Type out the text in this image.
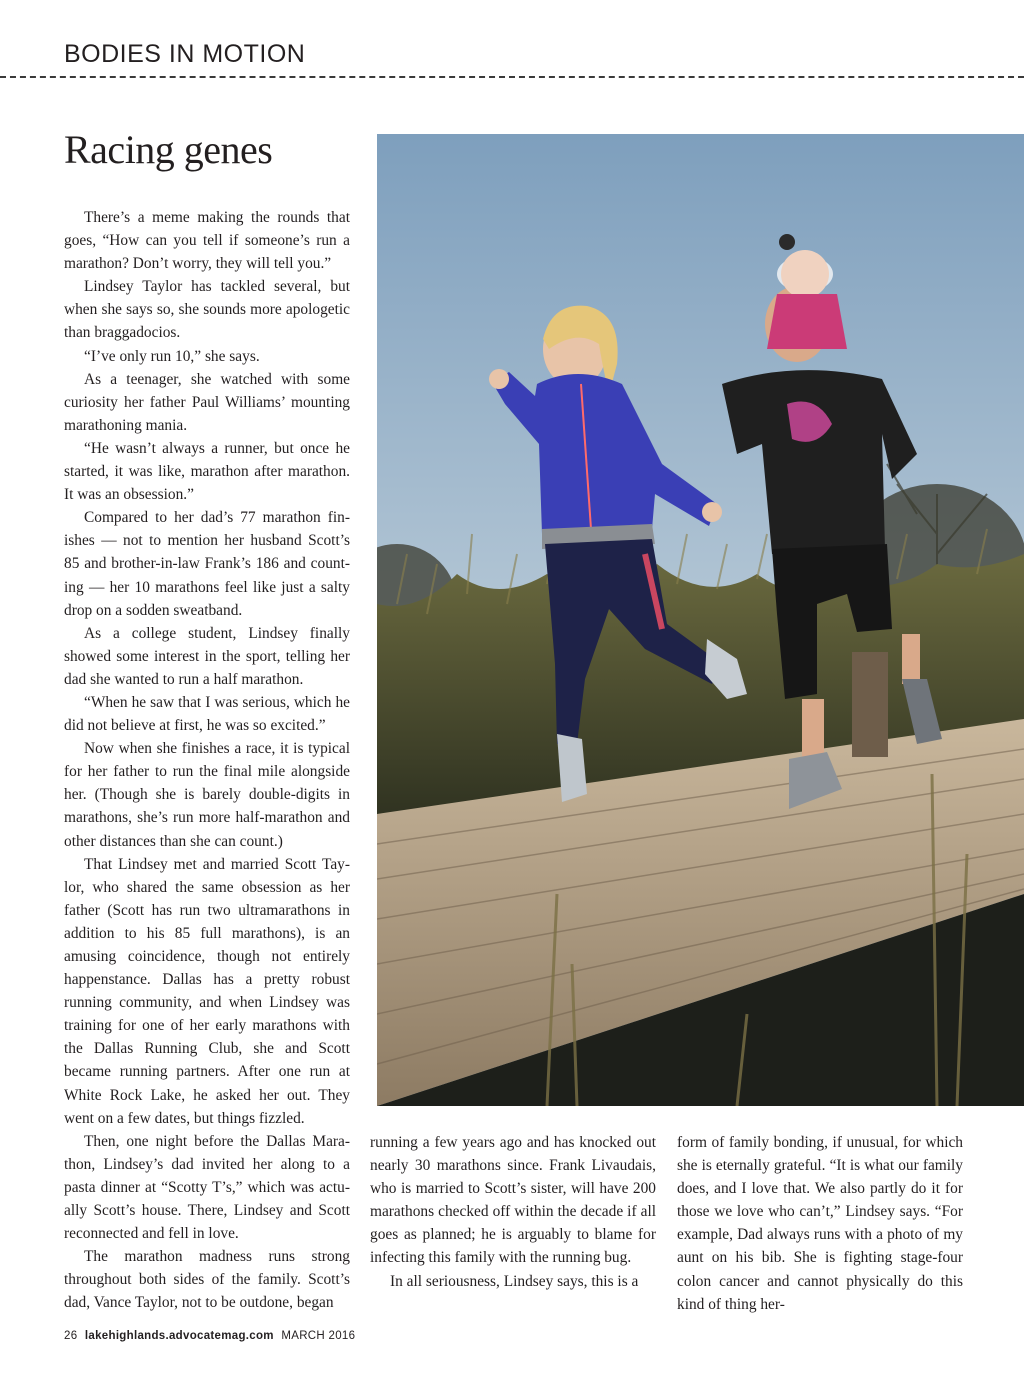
BODIES IN MOTION
Racing genes

There’s a meme making the rounds that goes, “How can you tell if someone’s run a marathon? Don’t worry, they will tell you.”

Lindsey Taylor has tackled several, but when she says so, she sounds more apologetic than braggadocios.

“I’ve only run 10,” she says.

As a teenager, she watched with some curiosity her father Paul Williams’ mounting marathoning mania.

“He wasn’t always a runner, but once he started, it was like, marathon after marathon. It was an obsession.”

Compared to her dad’s 77 marathon finishes — not to mention her husband Scott’s 85 and brother-in-law Frank’s 186 and counting — her 10 marathons feel like just a salty drop on a sodden sweatband.

As a college student, Lindsey finally showed some interest in the sport, telling her dad she wanted to run a half marathon.

“When he saw that I was serious, which he did not believe at first, he was so excited.”

Now when she finishes a race, it is typical for her father to run the final mile alongside her. (Though she is barely double-digits in marathons, she’s run more half-marathon and other distances than she can count.)

That Lindsey met and married Scott Taylor, who shared the same obsession as her father (Scott has run two ultramarathons in addition to his 85 full marathons), is an amusing coincidence, though not entirely happenstance. Dallas has a pretty robust running community, and when Lindsey was training for one of her early marathons with the Dallas Running Club, she and Scott became running partners. After one run at White Rock Lake, he asked her out. They went on a few dates, but things fizzled.

Then, one night before the Dallas Marathon, Lindsey’s dad invited her along to a pasta dinner at “Scotty T’s,” which was actually Scott’s house. There, Lindsey and Scott reconnected and fell in love.

The marathon madness runs strong throughout both sides of the family. Scott’s dad, Vance Taylor, not to be outdone, began

running a few years ago and has knocked out nearly 30 marathons since. Frank Livaudais, who is married to Scott’s sister, will have 200 marathons checked off within the decade if all goes as planned; he is arguably to blame for infecting this family with the running bug.

In all seriousness, Lindsey says, this is a

form of family bonding, if unusual, for which she is eternally grateful. “It is what our family does, and I love that. We also partly do it for those we love who can’t,” Lindsey says. “For example, Dad always runs with a photo of my aunt on his bib. She is fighting stage-four colon cancer and cannot physically do this kind of thing her-

26 lakehighlands.advocatemag.com MARCH 2016
